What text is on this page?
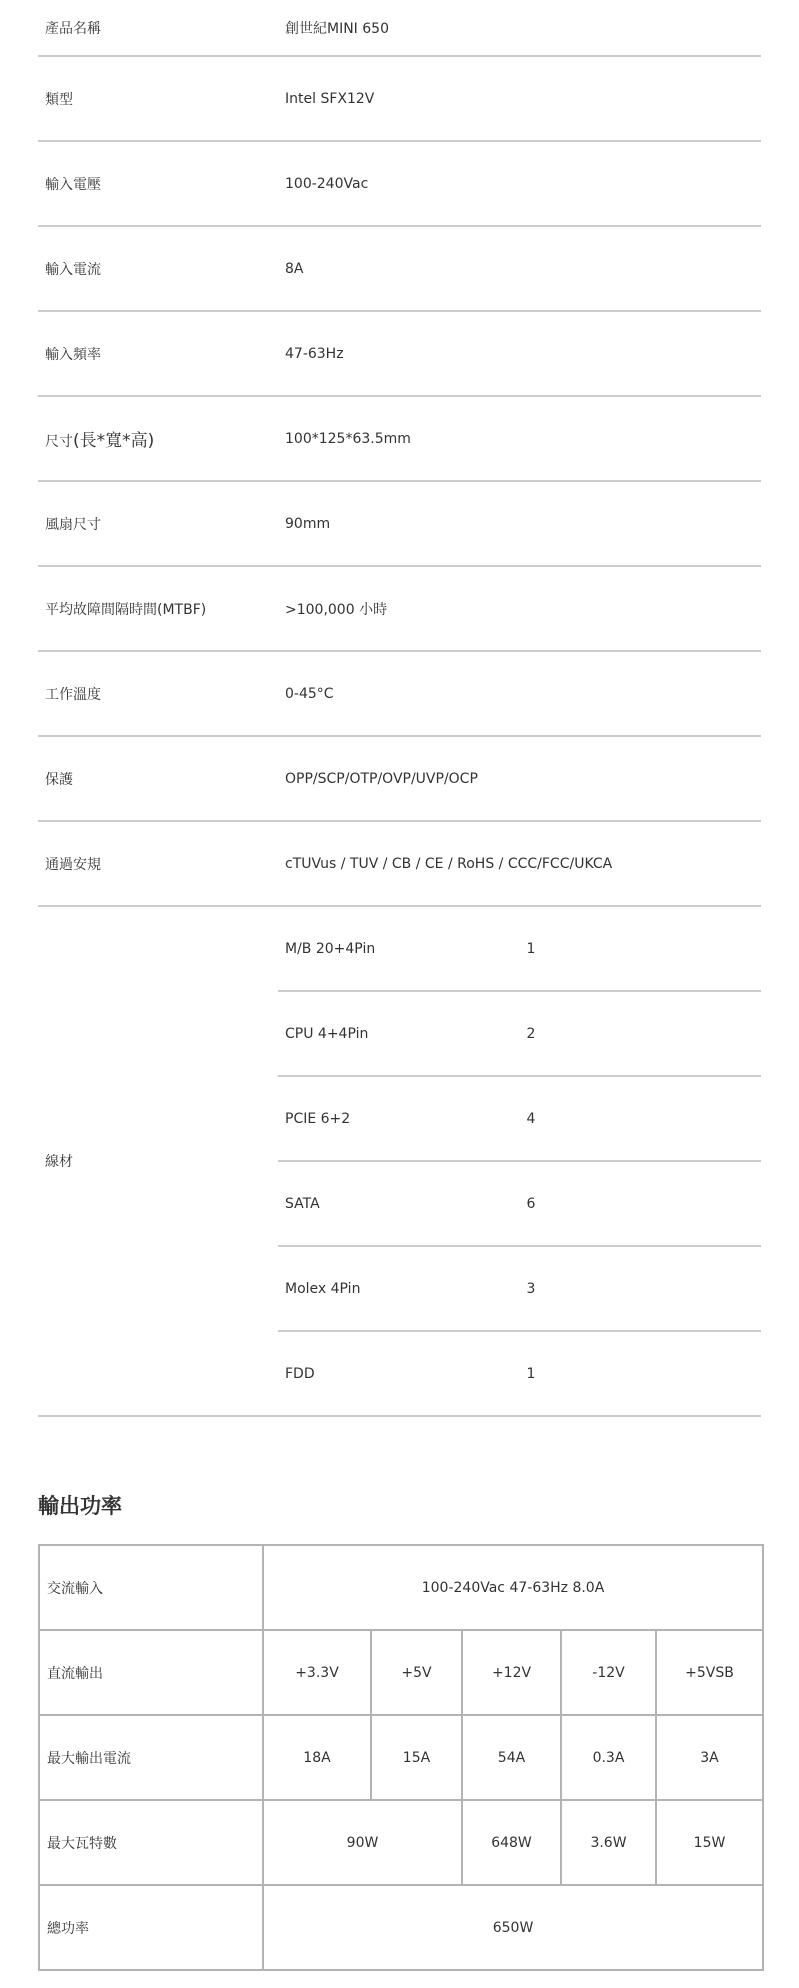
產品名稱	創世紀MINI 650	
類型	Intel SFX12V	
輸入電壓	100-240Vac	
輸入電流	8A	
輸入頻率	47-63Hz	
尺寸(長*寬*高)	100*125*63.5mm	
風扇尺寸	90mm	
平均故障間隔時間(MTBF)	>100,000 小時	
工作溫度	0-45°C	
保護	OPP/SCP/OTP/OVP/UVP/OCP	
通過安規	cTUVus / TUV / CB / CE / RoHS / CCC/FCC/UKCA	
線材	M/B 20+4Pin	1
	CPU 4+4Pin	2
	PCIE 6+2	4
	SATA	6
	Molex 4Pin	3
	FDD	1
輸出功率
交流輸入	100-240Vac 47-63Hz 8.0A				
直流輸出	+3.3V	+5V	+12V	-12V	+5VSB
最大輸出電流	18A	15A	54A	0.3A	3A
最大瓦特數	90W		648W	3.6W	15W
總功率	650W				
